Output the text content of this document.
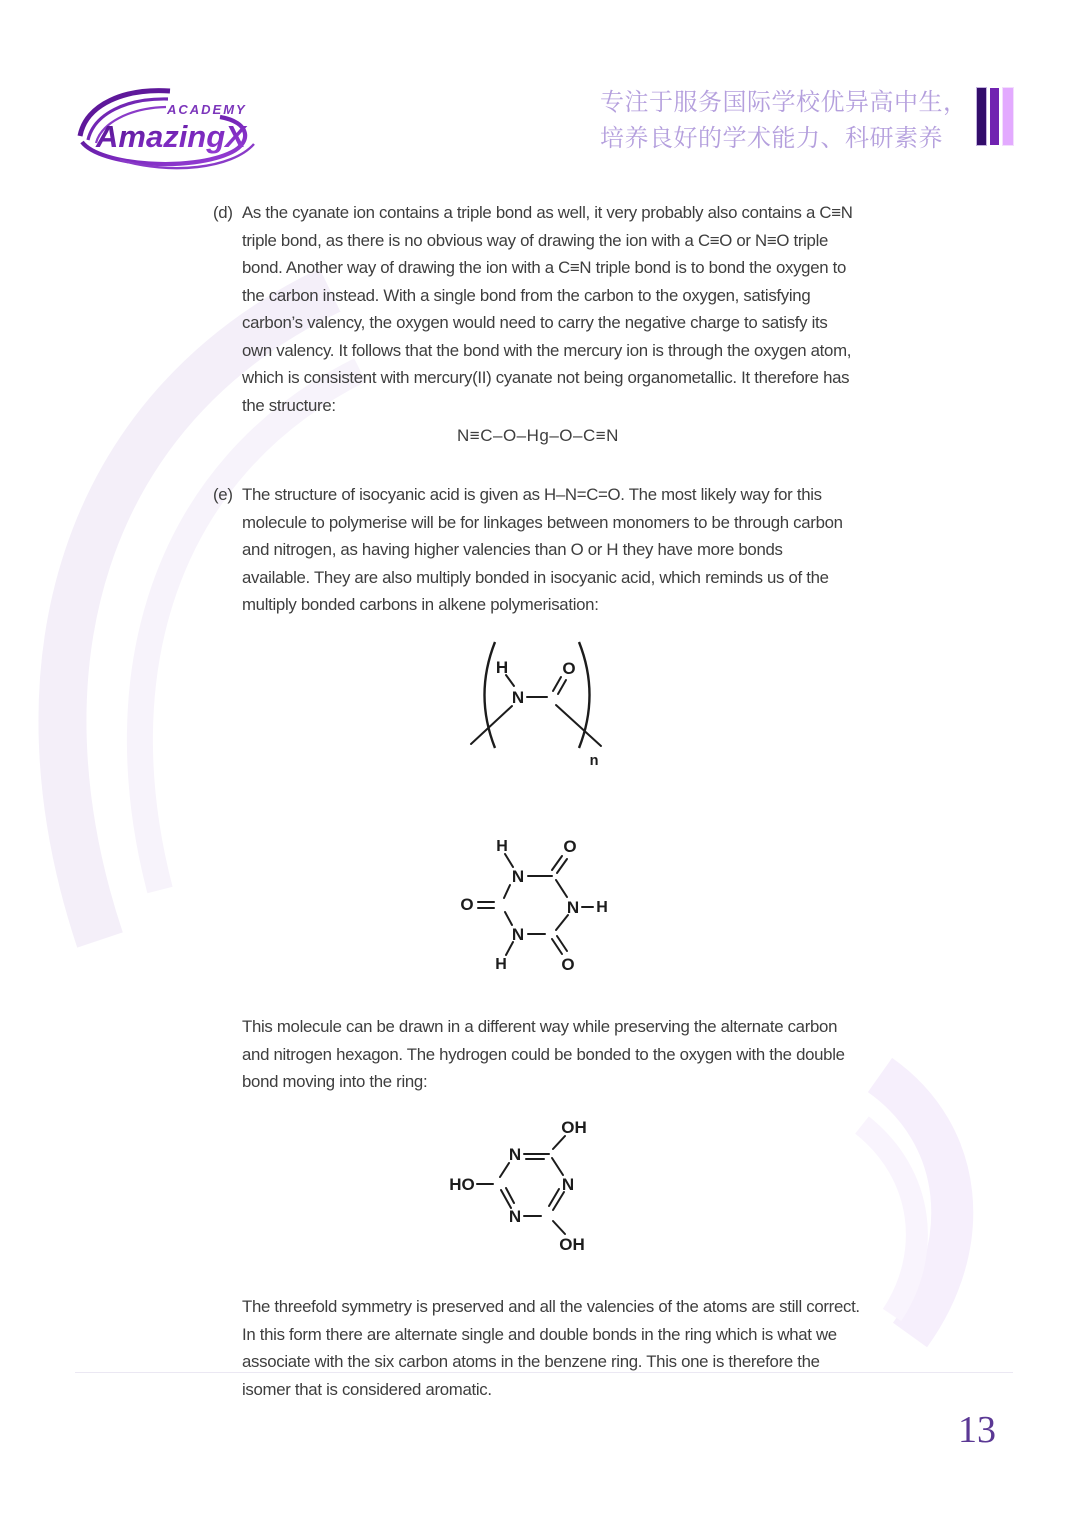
ACADEMY
AmazingX
专注于服务国际学校优异高中生，
培养良好的学术能力、科研素养
(d) As the cyanate ion contains a triple bond as well, it very probably also contains a C≡N triple bond, as there is no obvious way of drawing the ion with a C≡O or N≡O triple bond. Another way of drawing the ion with a C≡N triple bond is to bond the oxygen to the carbon instead. With a single bond from the carbon to the oxygen, satisfying carbon’s valency, the oxygen would need to carry the negative charge to satisfy its own valency. It follows that the bond with the mercury ion is through the oxygen atom, which is consistent with mercury(II) cyanate not being organometallic. It therefore has the structure:
N≡C–O–Hg–O–C≡N
(e) The structure of isocyanic acid is given as H–N=C=O. The most likely way for this molecule to polymerise will be for linkages between monomers to be through carbon and nitrogen, as having higher valencies than O or H they have more bonds available. They are also multiply bonded in isocyanic acid, which reminds us of the multiply bonded carbons in alkene polymerisation:
H
N
O
n
H
N
O
O	N H
N
H	O
This molecule can be drawn in a different way while preserving the alternate carbon and nitrogen hexagon. The hydrogen could be bonded to the oxygen with the double bond moving into the ring:
OH
N
HO	N
N
OH
The threefold symmetry is preserved and all the valencies of the atoms are still correct. In this form there are alternate single and double bonds in the ring which is what we associate with the six carbon atoms in the benzene ring. This one is therefore the isomer that is considered aromatic.
13
